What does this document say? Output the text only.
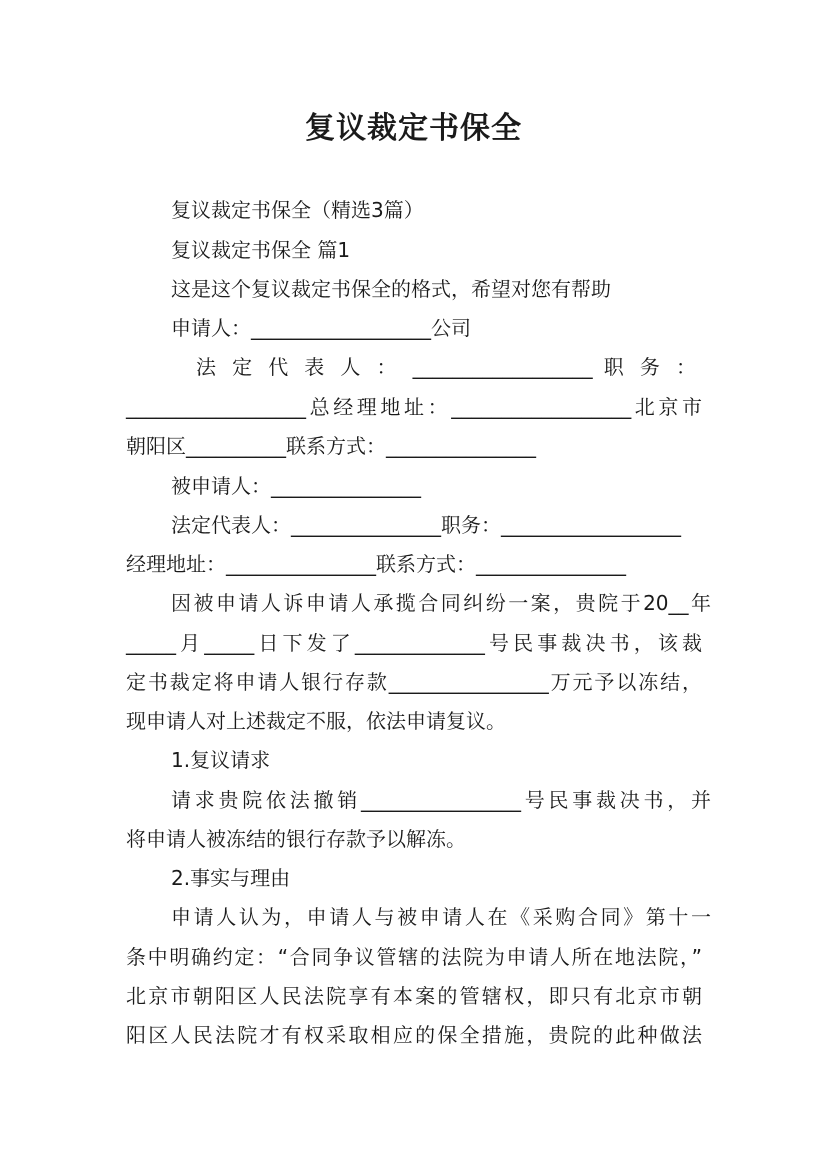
复议裁定书保全
复议裁定书保全（精选3篇）
复议裁定书保全 篇1
这是这个复议裁定书保全的格式，希望对您有帮助
申请人：__________________公司
法 定 代 表 人 ： __________________ 职 务 ：
__________________总经理地址：__________________北京市
朝阳区__________联系方式：_______________
被申请人：_______________
法定代表人：_______________职务：__________________
经理地址：_______________联系方式：_______________
因被申请人诉申请人承揽合同纠纷一案，贵院于20__年
_____月_____日下发了_____________号民事裁决书，该裁
定书裁定将申请人银行存款________________万元予以冻结，
现申请人对上述裁定不服，依法申请复议。
1.复议请求
请求贵院依法撤销________________号民事裁决书，并
将申请人被冻结的银行存款予以解冻。
2.事实与理由
申请人认为，申请人与被申请人在《采购合同》第十一
条中明确约定：“合同争议管辖的法院为申请人所在地法院，”
北京市朝阳区人民法院享有本案的管辖权，即只有北京市朝
阳区人民法院才有权采取相应的保全措施，贵院的此种做法
